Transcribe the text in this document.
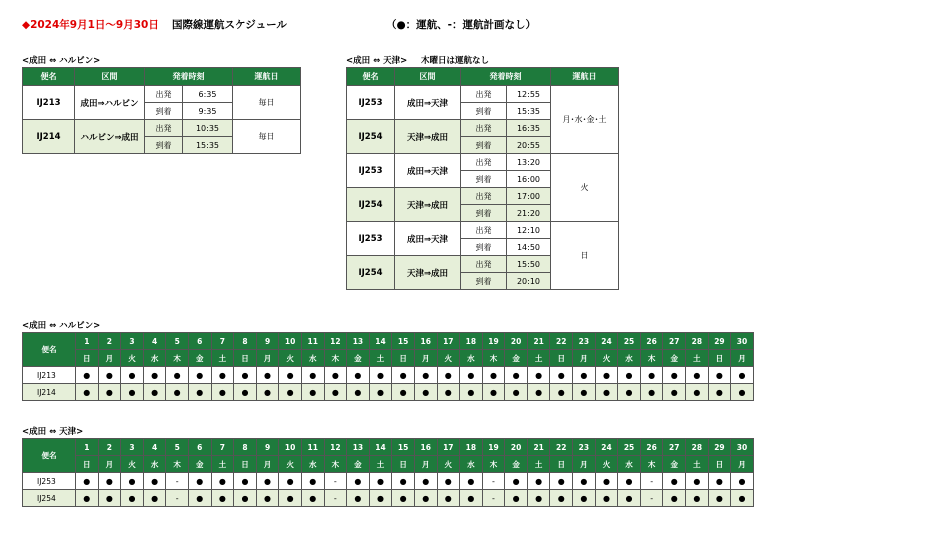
◆2024年9月1日～9月30日 国際線運航スケジュール	（●：運航、-：運航計画なし）
<成田 ⇔ ハルビン>
便名	区間	発着時刻		運航日
IJ213	成田⇒ハルビン	出発	6:35	毎日
		到着	9:35	
IJ214	ハルビン⇒成田	出発	10:35	毎日
		到着	15:35	
<成田 ⇔ 天津> 木曜日は運航なし
便名	区間	発着時刻		運航日
IJ253	成田⇒天津	出発	12:55	月･水･金･土
		到着	15:35	
IJ254	天津⇒成田	出発	16:35	
		到着	20:55	
IJ253	成田⇒天津	出発	13:20	火
		到着	16:00	
IJ254	天津⇒成田	出発	17:00	
		到着	21:20	
IJ253	成田⇒天津	出発	12:10	日
		到着	14:50	
IJ254	天津⇒成田	出発	15:50	
		到着	20:10	
<成田 ⇔ ハルビン>
便名	1	2	3	4	5	6	7	8	9	10	11	12	13	14	15	16	17	18	19	20	21	22	23	24	25	26	27	28	29	30
	日	月	火	水	木	金	土	日	月	火	水	木	金	土	日	月	火	水	木	金	土	日	月	火	水	木	金	土	日	月
IJ213	●	●	●	●	●	●	●	●	●	●	●	●	●	●	●	●	●	●	●	●	●	●	●	●	●	●	●	●	●	●
IJ214	●	●	●	●	●	●	●	●	●	●	●	●	●	●	●	●	●	●	●	●	●	●	●	●	●	●	●	●	●	●
<成田 ⇔ 天津>
便名	1	2	3	4	5	6	7	8	9	10	11	12	13	14	15	16	17	18	19	20	21	22	23	24	25	26	27	28	29	30
	日	月	火	水	木	金	土	日	月	火	水	木	金	土	日	月	火	水	木	金	土	日	月	火	水	木	金	土	日	月
IJ253	●	●	●	●	-	●	●	●	●	●	●	-	●	●	●	●	●	●	-	●	●	●	●	●	●	-	●	●	●	●
IJ254	●	●	●	●	-	●	●	●	●	●	●	-	●	●	●	●	●	●	-	●	●	●	●	●	●	-	●	●	●	●
